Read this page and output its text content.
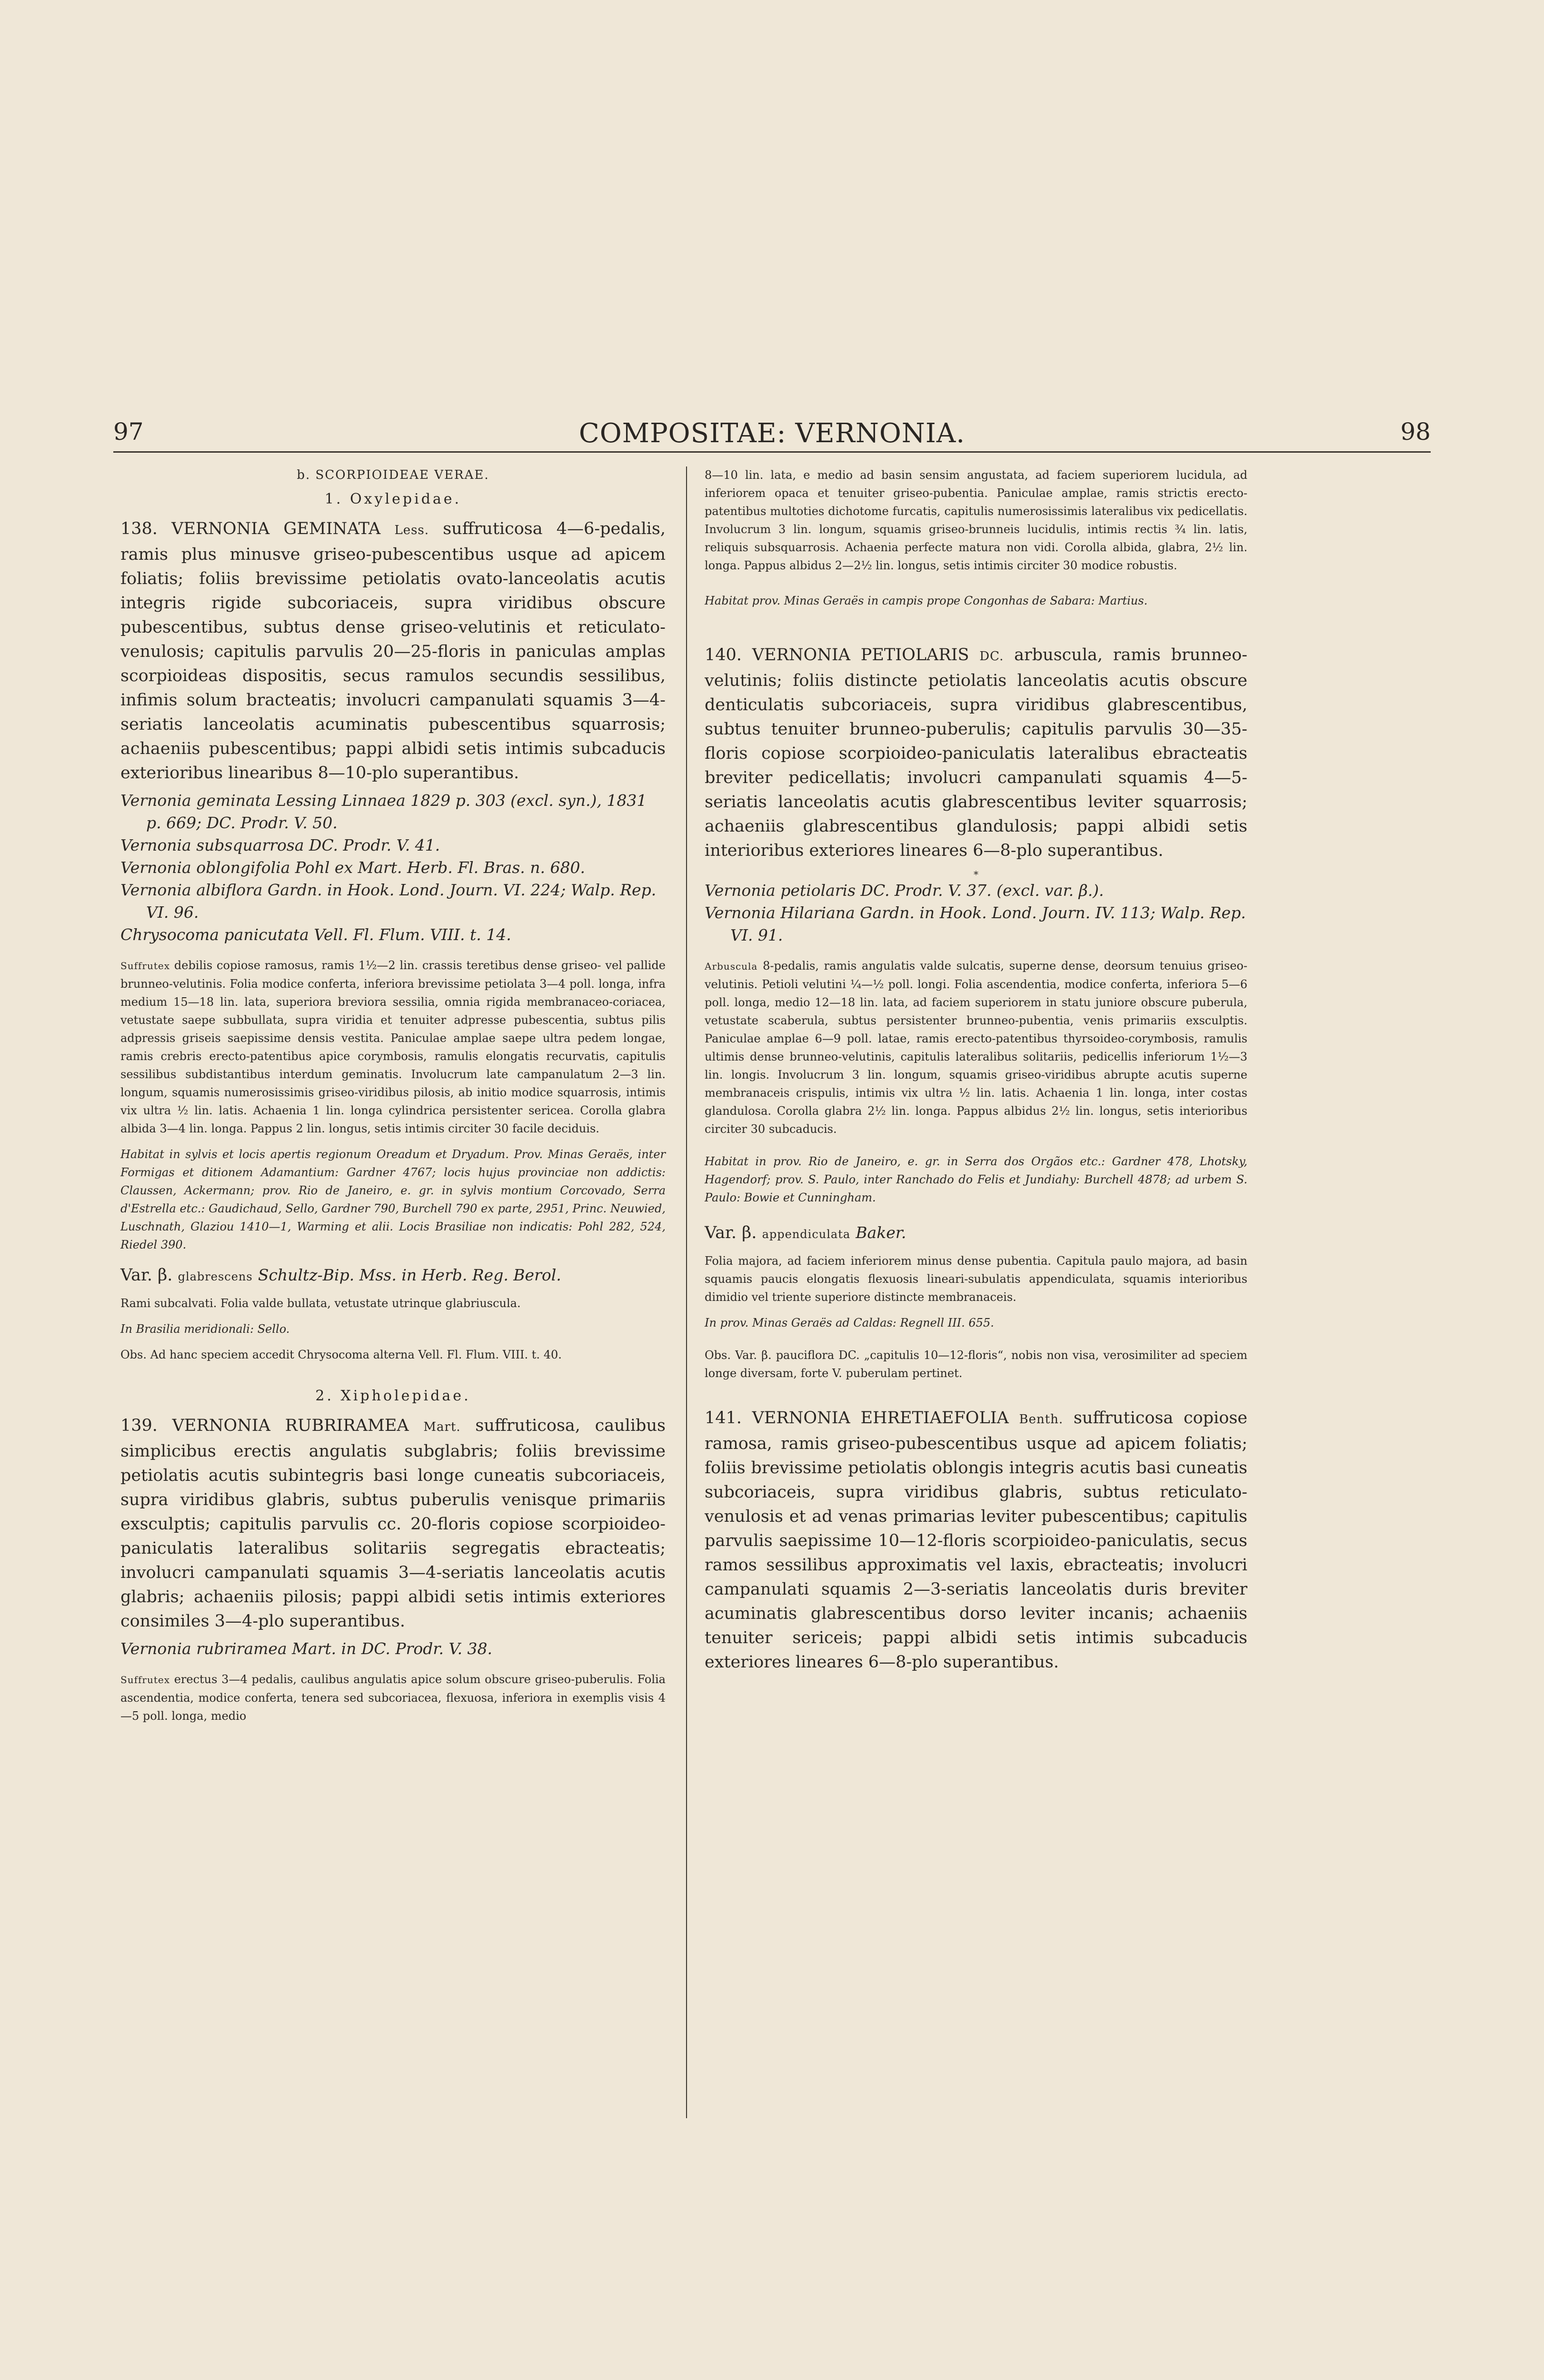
97	COMPOSITAE: VERNONIA.	98
b. SCORPIOIDEAE VERAE.
1. Oxylepidae.

138. VERNONIA GEMINATA Less. suffruticosa 4—6-pedalis, ramis plus minusve griseo-pubescentibus usque ad apicem foliatis; foliis brevissime petiolatis ovato-lanceolatis acutis integris rigide subcoriaceis, supra viridibus obscure pubescentibus, subtus dense griseo-velutinis et reticulato-venulosis; capitulis parvulis 20—25-floris in paniculas amplas scorpioideas dispositis, secus ramulos secundis sessilibus, infimis solum bracteatis; involucri campanulati squamis 3—4-seriatis lanceolatis acuminatis pubescentibus squarrosis; achaeniis pubescentibus; pappi albidi setis intimis subcaducis exterioribus linearibus 8—10-plo superantibus.

Vernonia geminata Lessing Linnaea 1829 p. 303 (excl. syn.), 1831 p. 669; DC. Prodr. V. 50.

Vernonia subsquarrosa DC. Prodr. V. 41.

Vernonia oblongifolia Pohl ex Mart. Herb. Fl. Bras. n. 680.

Vernonia albiflora Gardn. in Hook. Lond. Journ. VI. 224; Walp. Rep. VI. 96.

Chrysocoma panicutata Vell. Fl. Flum. VIII. t. 14.

Suffrutex debilis copiose ramosus, ramis 1½—2 lin. crassis teretibus dense griseo- vel pallide brunneo-velutinis. Folia modice conferta, inferiora brevissime petiolata 3—4 poll. longa, infra medium 15—18 lin. lata, superiora breviora sessilia, omnia rigida membranaceo-coriacea, vetustate saepe subbullata, supra viridia et tenuiter adpresse pubescentia, subtus pilis adpressis griseis saepissime densis vestita. Paniculae amplae saepe ultra pedem longae, ramis crebris erecto-patentibus apice corymbosis, ramulis elongatis recurvatis, capitulis sessilibus subdistantibus interdum geminatis. Involucrum late campanulatum 2—3 lin. longum, squamis numerosissimis griseo-viridibus pilosis, ab initio modice squarrosis, intimis vix ultra ½ lin. latis. Achaenia 1 lin. longa cylindrica persistenter sericea. Corolla glabra albida 3—4 lin. longa. Pappus 2 lin. longus, setis intimis circiter 30 facile deciduis.

Habitat in sylvis et locis apertis regionum Oreadum et Dryadum. Prov. Minas Geraës, inter Formigas et ditionem Adamantium: Gardner 4767; locis hujus provinciae non addictis: Claussen, Ackermann; prov. Rio de Janeiro, e. gr. in sylvis montium Corcovado, Serra d'Estrella etc.: Gaudichaud, Sello, Gardner 790, Burchell 790 ex parte, 2951, Princ. Neuwied, Luschnath, Glaziou 1410—1, Warming et alii. Locis Brasiliae non indicatis: Pohl 282, 524, Riedel 390.

Var. β. glabrescens Schultz-Bip. Mss. in Herb. Reg. Berol.

Rami subcalvati. Folia valde bullata, vetustate utrinque glabriuscula.

In Brasilia meridionali: Sello.

Obs. Ad hanc speciem accedit Chrysocoma alterna Vell. Fl. Flum. VIII. t. 40.

2. Xipholepidae.

139. VERNONIA RUBRIRAMEA Mart. suffruticosa, caulibus simplicibus erectis angulatis subglabris; foliis brevissime petiolatis acutis subintegris basi longe cuneatis subcoriaceis, supra viridibus glabris, subtus puberulis venisque primariis exsculptis; capitulis parvulis cc. 20-floris copiose scorpioideo-paniculatis lateralibus solitariis segregatis ebracteatis; involucri campanulati squamis 3—4-seriatis lanceolatis acutis glabris; achaeniis pilosis; pappi albidi setis intimis exteriores consimiles 3—4-plo superantibus.

Vernonia rubriramea Mart. in DC. Prodr. V. 38.

Suffrutex erectus 3—4 pedalis, caulibus angulatis apice solum obscure griseo-puberulis. Folia ascendentia, modice conferta, tenera sed subcoriacea, flexuosa, inferiora in exemplis visis 4—5 poll. longa, medio

8—10 lin. lata, e medio ad basin sensim angustata, ad faciem superiorem lucidula, ad inferiorem opaca et tenuiter griseo-pubentia. Paniculae amplae, ramis strictis erecto-patentibus multoties dichotome furcatis, capitulis numerosissimis lateralibus vix pedicellatis. Involucrum 3 lin. longum, squamis griseo-brunneis lucidulis, intimis rectis ¾ lin. latis, reliquis subsquarrosis. Achaenia perfecte matura non vidi. Corolla albida, glabra, 2½ lin. longa. Pappus albidus 2—2½ lin. longus, setis intimis circiter 30 modice robustis.

Habitat prov. Minas Geraës in campis prope Congonhas de Sabara: Martius.

140. VERNONIA PETIOLARIS DC. arbuscula, ramis brunneo-velutinis; foliis distincte petiolatis lanceolatis acutis obscure denticulatis subcoriaceis, supra viridibus glabrescentibus, subtus tenuiter brunneo-puberulis; capitulis parvulis 30—35-floris copiose scorpioideo-paniculatis lateralibus ebracteatis breviter pedicellatis; involucri campanulati squamis 4—5-seriatis lanceolatis acutis glabrescentibus leviter squarrosis; achaeniis glabrescentibus glandulosis; pappi albidi setis interioribus exteriores lineares 6—8-plo superantibus.

*

Vernonia petiolaris DC. Prodr. V. 37. (excl. var. β.).

Vernonia Hilariana Gardn. in Hook. Lond. Journ. IV. 113; Walp. Rep. VI. 91.

Arbuscula 8-pedalis, ramis angulatis valde sulcatis, superne dense, deorsum tenuius griseo-velutinis. Petioli velutini ¼—½ poll. longi. Folia ascendentia, modice conferta, inferiora 5—6 poll. longa, medio 12—18 lin. lata, ad faciem superiorem in statu juniore obscure puberula, vetustate scaberula, subtus persistenter brunneo-pubentia, venis primariis exsculptis. Paniculae amplae 6—9 poll. latae, ramis erecto-patentibus thyrsoideo-corymbosis, ramulis ultimis dense brunneo-velutinis, capitulis lateralibus solitariis, pedicellis inferiorum 1½—3 lin. longis. Involucrum 3 lin. longum, squamis griseo-viridibus abrupte acutis superne membranaceis crispulis, intimis vix ultra ½ lin. latis. Achaenia 1 lin. longa, inter costas glandulosa. Corolla glabra 2½ lin. longa. Pappus albidus 2½ lin. longus, setis interioribus circiter 30 subcaducis.

Habitat in prov. Rio de Janeiro, e. gr. in Serra dos Orgãos etc.: Gardner 478, Lhotsky, Hagendorf; prov. S. Paulo, inter Ranchado do Felis et Jundiahy: Burchell 4878; ad urbem S. Paulo: Bowie et Cunningham.

Var. β. appendiculata Baker.

Folia majora, ad faciem inferiorem minus dense pubentia. Capitula paulo majora, ad basin squamis paucis elongatis flexuosis lineari-subulatis appendiculata, squamis interioribus dimidio vel triente superiore distincte membranaceis.

In prov. Minas Geraës ad Caldas: Regnell III. 655.

Obs. Var. β. pauciflora DC. „capitulis 10—12-floris“, nobis non visa, verosimiliter ad speciem longe diversam, forte V. puberulam pertinet.

141. VERNONIA EHRETIAEFOLIA Benth. suffruticosa copiose ramosa, ramis griseo-pubescentibus usque ad apicem foliatis; foliis brevissime petiolatis oblongis integris acutis basi cuneatis subcoriaceis, supra viridibus glabris, subtus reticulato-venulosis et ad venas primarias leviter pubescentibus; capitulis parvulis saepissime 10—12-floris scorpioideo-paniculatis, secus ramos sessilibus approximatis vel laxis, ebracteatis; involucri campanulati squamis 2—3-seriatis lanceolatis duris breviter acuminatis glabrescentibus dorso leviter incanis; achaeniis tenuiter sericeis; pappi albidi setis intimis subcaducis exteriores lineares 6—8-plo superantibus.
